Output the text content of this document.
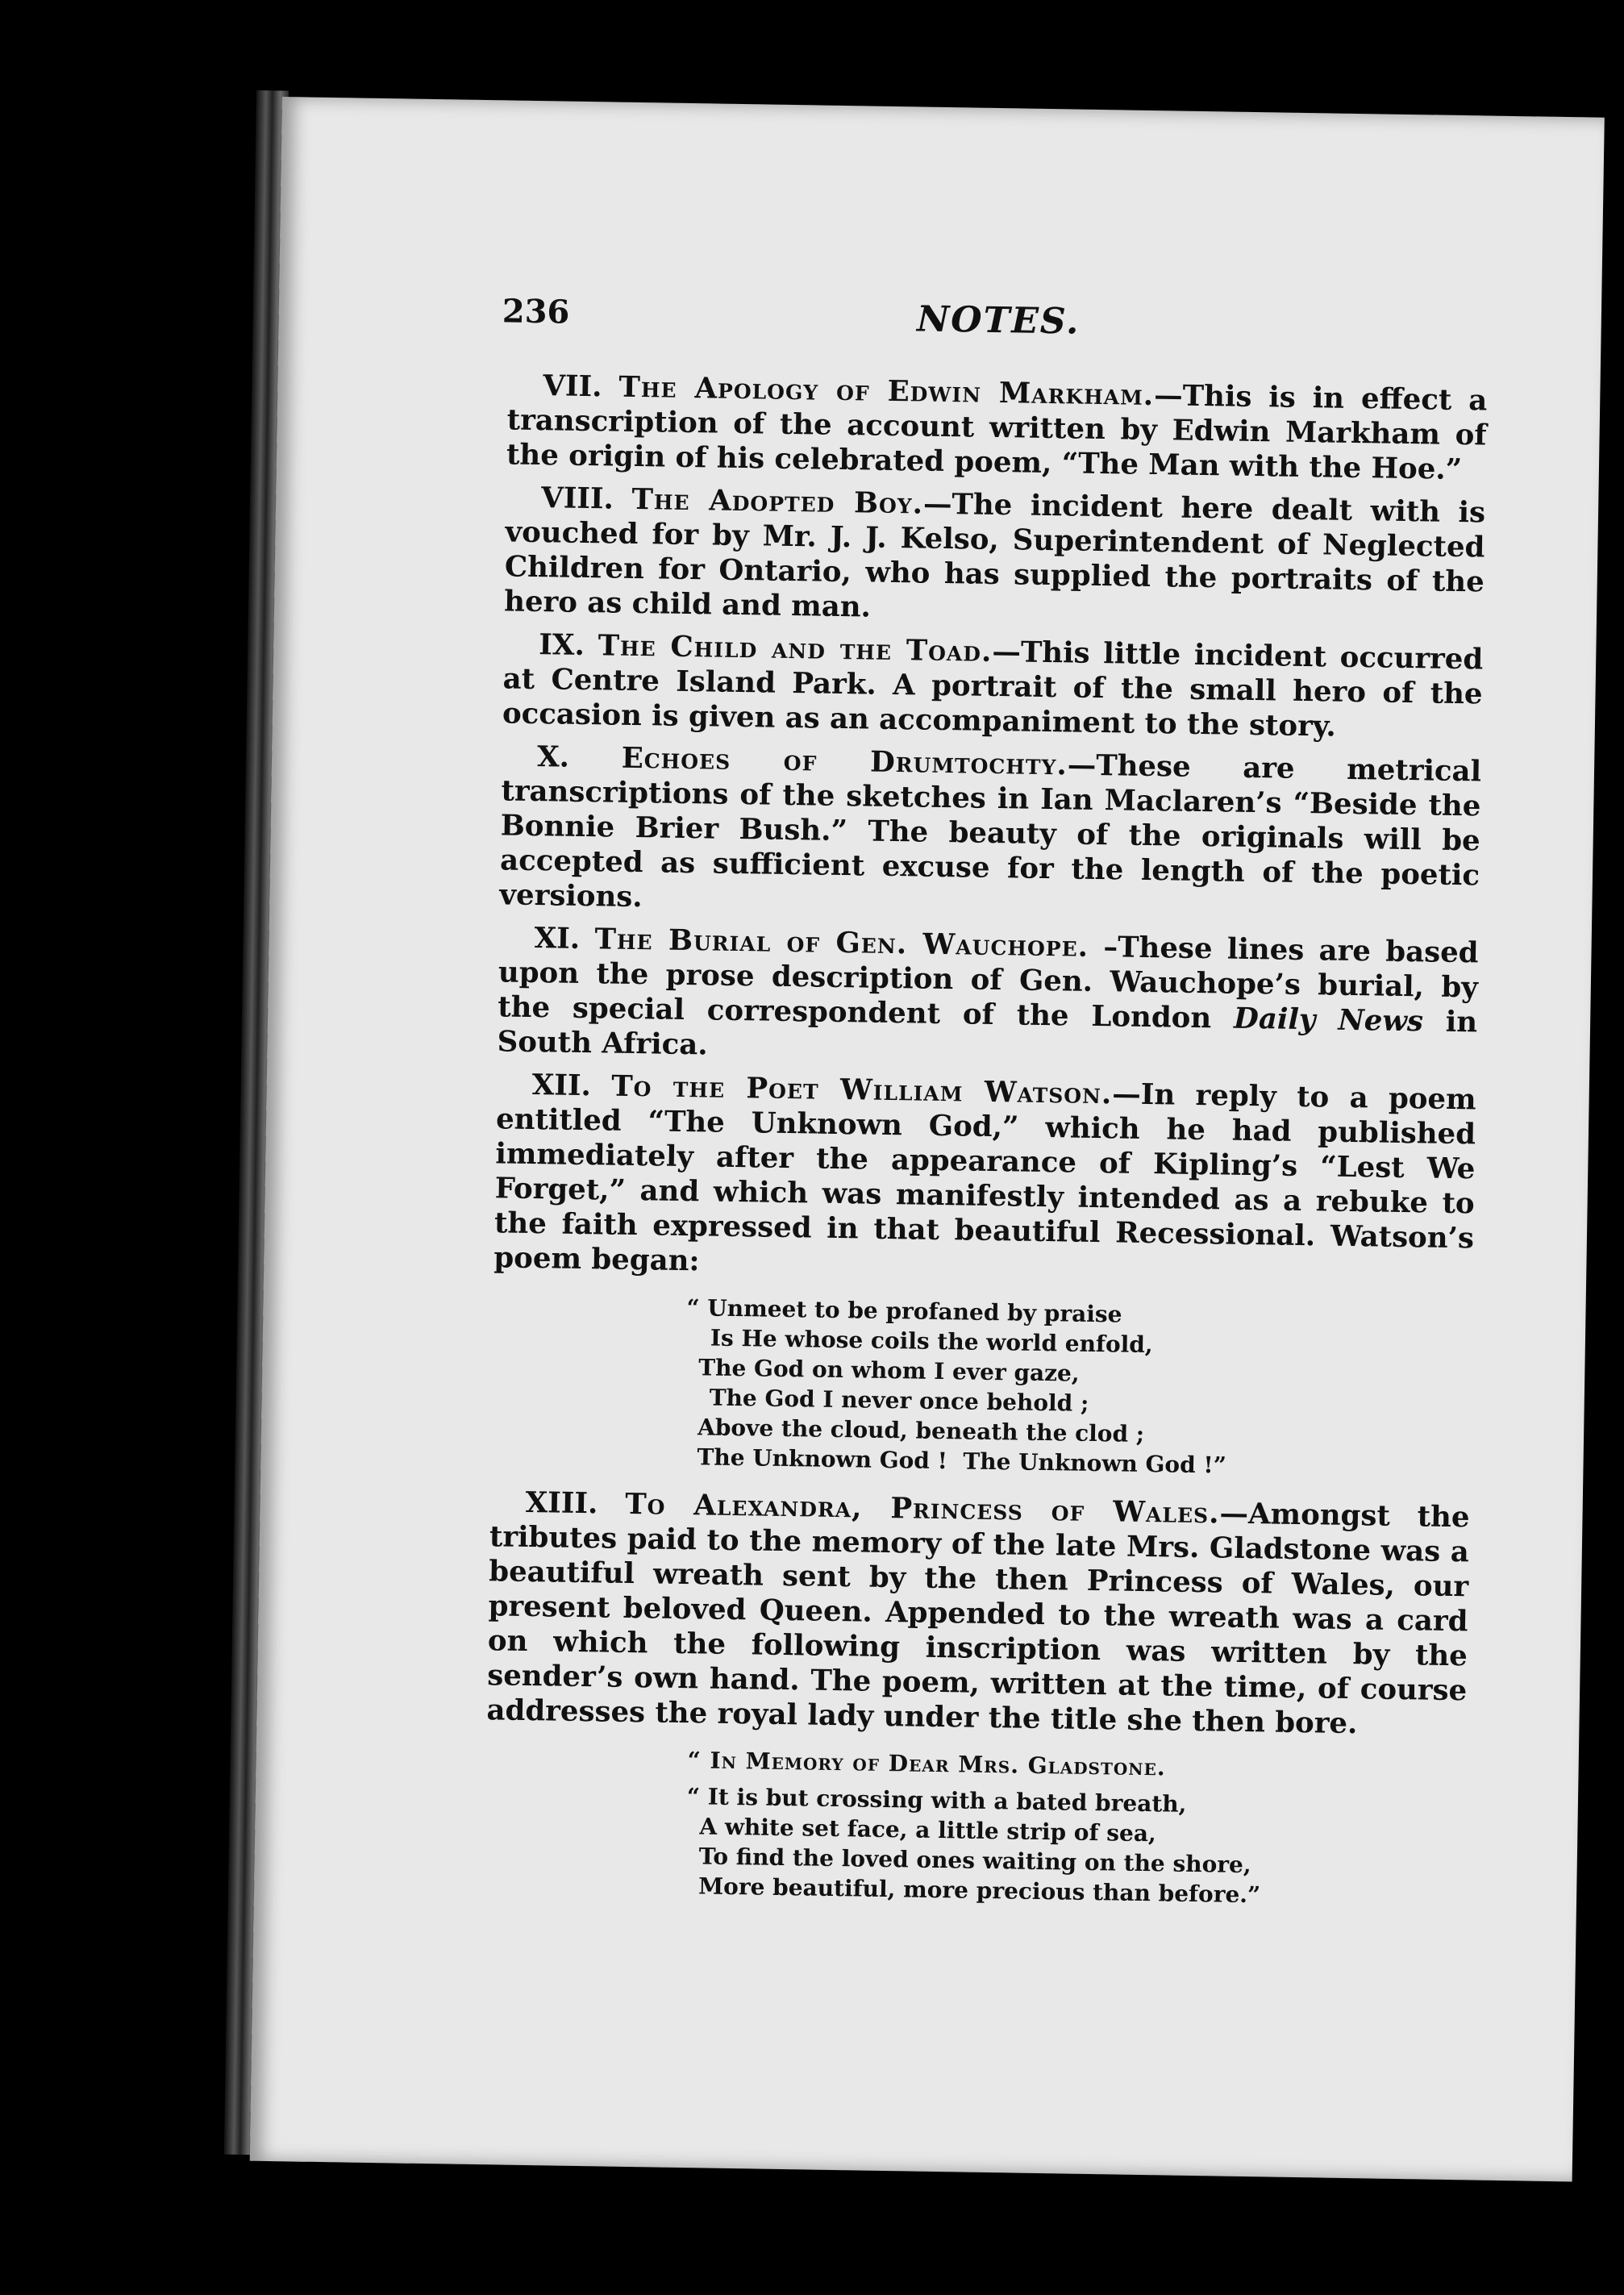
236	NOTES.

VII. The Apology of Edwin Markham.—This is in effect a transcription of the account written by Edwin Markham of the origin of his celebrated poem, “The Man with the Hoe.”

VIII. The Adopted Boy.—The incident here dealt with is vouched for by Mr. J. J. Kelso, Superintendent of Neglected Children for Ontario, who has supplied the portraits of the hero as child and man.

IX. The Child and the Toad.—This little incident occurred at Centre Island Park. A portrait of the small hero of the occasion is given as an accompaniment to the story.

X. Echoes of Drumtochty.—These are metrical transcriptions of the sketches in Ian Maclaren’s “Beside the Bonnie Brier Bush.” The beauty of the originals will be accepted as sufficient excuse for the length of the poetic versions.

XI. The Burial of Gen. Wauchope. –These lines are based upon the prose description of Gen. Wauchope’s burial, by the special correspondent of the London Daily News in South Africa.

XII. To the Poet William Watson.—In reply to a poem entitled “The Unknown God,” which he had published immediately after the appearance of Kipling’s “Lest We Forget,” and which was manifestly intended as a rebuke to the faith expressed in that beautiful Recessional. Watson’s poem began:

“ Unmeet to be profaned by praise
Is He whose coils the world enfold,
The God on whom I ever gaze,
The God I never once behold ;
Above the cloud, beneath the clod ;
The Unknown God !  The Unknown God !”

XIII. To Alexandra, Princess of Wales.—Amongst the tributes paid to the memory of the late Mrs. Gladstone was a beautiful wreath sent by the then Princess of Wales, our present beloved Queen. Appended to the wreath was a card on which the following inscription was written by the sender’s own hand. The poem, written at the time, of course addresses the royal lady under the title she then bore.

“ In Memory of Dear Mrs. Gladstone.
“ It is but crossing with a bated breath,
A white set face, a little strip of sea,
To find the loved ones waiting on the shore,
More beautiful, more precious than before.”
